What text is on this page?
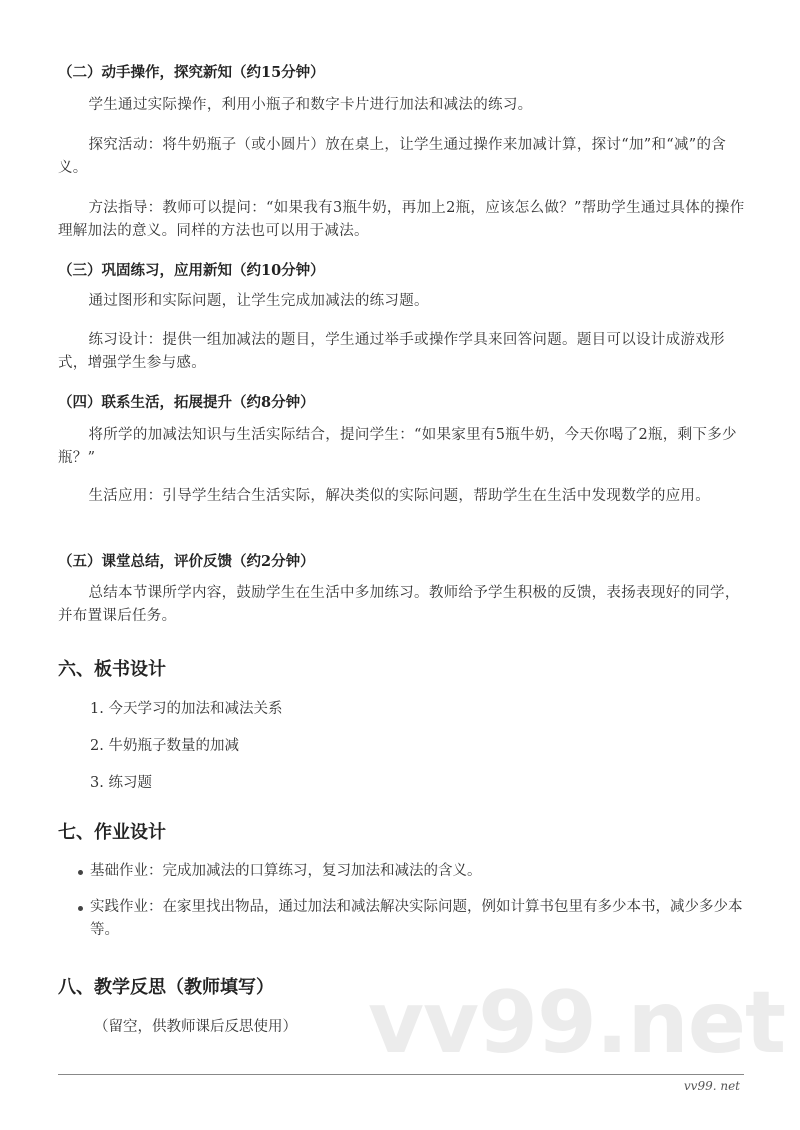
vv99.net
（二）动手操作，探究新知（约15分钟）
学生通过实际操作，利用小瓶子和数字卡片进行加法和减法的练习。
探究活动：将牛奶瓶子（或小圆片）放在桌上，让学生通过操作来加减计算，探讨“加”和“减”的含义。
方法指导：教师可以提问：“如果我有3瓶牛奶，再加上2瓶，应该怎么做？”帮助学生通过具体的操作理解加法的意义。同样的方法也可以用于减法。
（三）巩固练习，应用新知（约10分钟）
通过图形和实际问题，让学生完成加减法的练习题。
练习设计：提供一组加减法的题目，学生通过举手或操作学具来回答问题。题目可以设计成游戏形式，增强学生参与感。
（四）联系生活，拓展提升（约8分钟）
将所学的加减法知识与生活实际结合，提问学生：“如果家里有5瓶牛奶，今天你喝了2瓶，剩下多少瓶？”
生活应用：引导学生结合生活实际，解决类似的实际问题，帮助学生在生活中发现数学的应用。
（五）课堂总结，评价反馈（约2分钟）
总结本节课所学内容，鼓励学生在生活中多加练习。教师给予学生积极的反馈，表扬表现好的同学，并布置课后任务。
六、板书设计
1. 今天学习的加法和减法关系
2. 牛奶瓶子数量的加减
3. 练习题
七、作业设计
基础作业：完成加减法的口算练习，复习加法和减法的含义。
实践作业：在家里找出物品，通过加法和减法解决实际问题，例如计算书包里有多少本书，减少多少本等。
八、教学反思（教师填写）
（留空，供教师课后反思使用）
vv99. net
